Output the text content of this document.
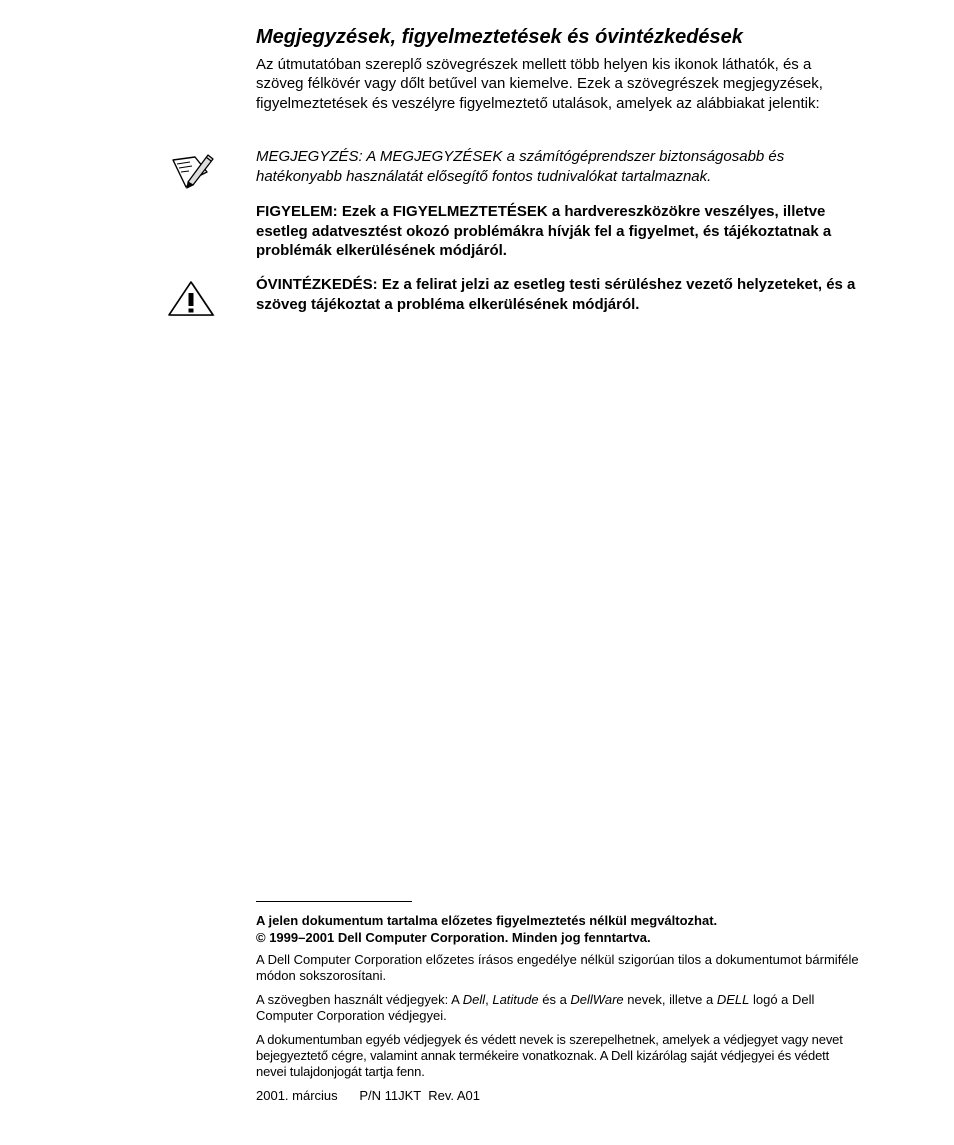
Megjegyzések, figyelmeztetések és óvintézkedések

Az útmutatóban szereplő szövegrészek mellett több helyen kis ikonok láthatók, és a szöveg félkövér vagy dőlt betűvel van kiemelve. Ezek a szövegrészek megjegyzések, figyelmeztetések és veszélyre figyelmeztető utalások, amelyek az alábbiakat jelentik:

MEGJEGYZÉS: A MEGJEGYZÉSEK a számítógéprendszer biztonságosabb és hatékonyabb használatát elősegítő fontos tudnivalókat tartalmaznak.

FIGYELEM: Ezek a FIGYELMEZTETÉSEK a hardvereszközökre veszélyes, illetve esetleg adatvesztést okozó problémákra hívják fel a figyelmet, és tájékoztatnak a problémák elkerülésének módjáról.

ÓVINTÉZKEDÉS: Ez a felirat jelzi az esetleg testi sérüléshez vezető helyzeteket, és a szöveg tájékoztat a probléma elkerülésének módjáról.

A jelen dokumentum tartalma előzetes figyelmeztetés nélkül megváltozhat.
© 1999–2001 Dell Computer Corporation. Minden jog fenntartva.

A Dell Computer Corporation előzetes írásos engedélye nélkül szigorúan tilos a dokumentumot bármiféle módon sokszorosítani.

A szövegben használt védjegyek: A Dell, Latitude és a DellWare nevek, illetve a DELL logó a Dell Computer Corporation védjegyei.

A dokumentumban egyéb védjegyek és védett nevek is szerepelhetnek, amelyek a védjegyet vagy nevet bejegyeztető cégre, valamint annak termékeire vonatkoznak. A Dell kizárólag saját védjegyei és védett nevei tulajdonjogát tartja fenn.

2001. március P/N 11JKT Rev. A01
